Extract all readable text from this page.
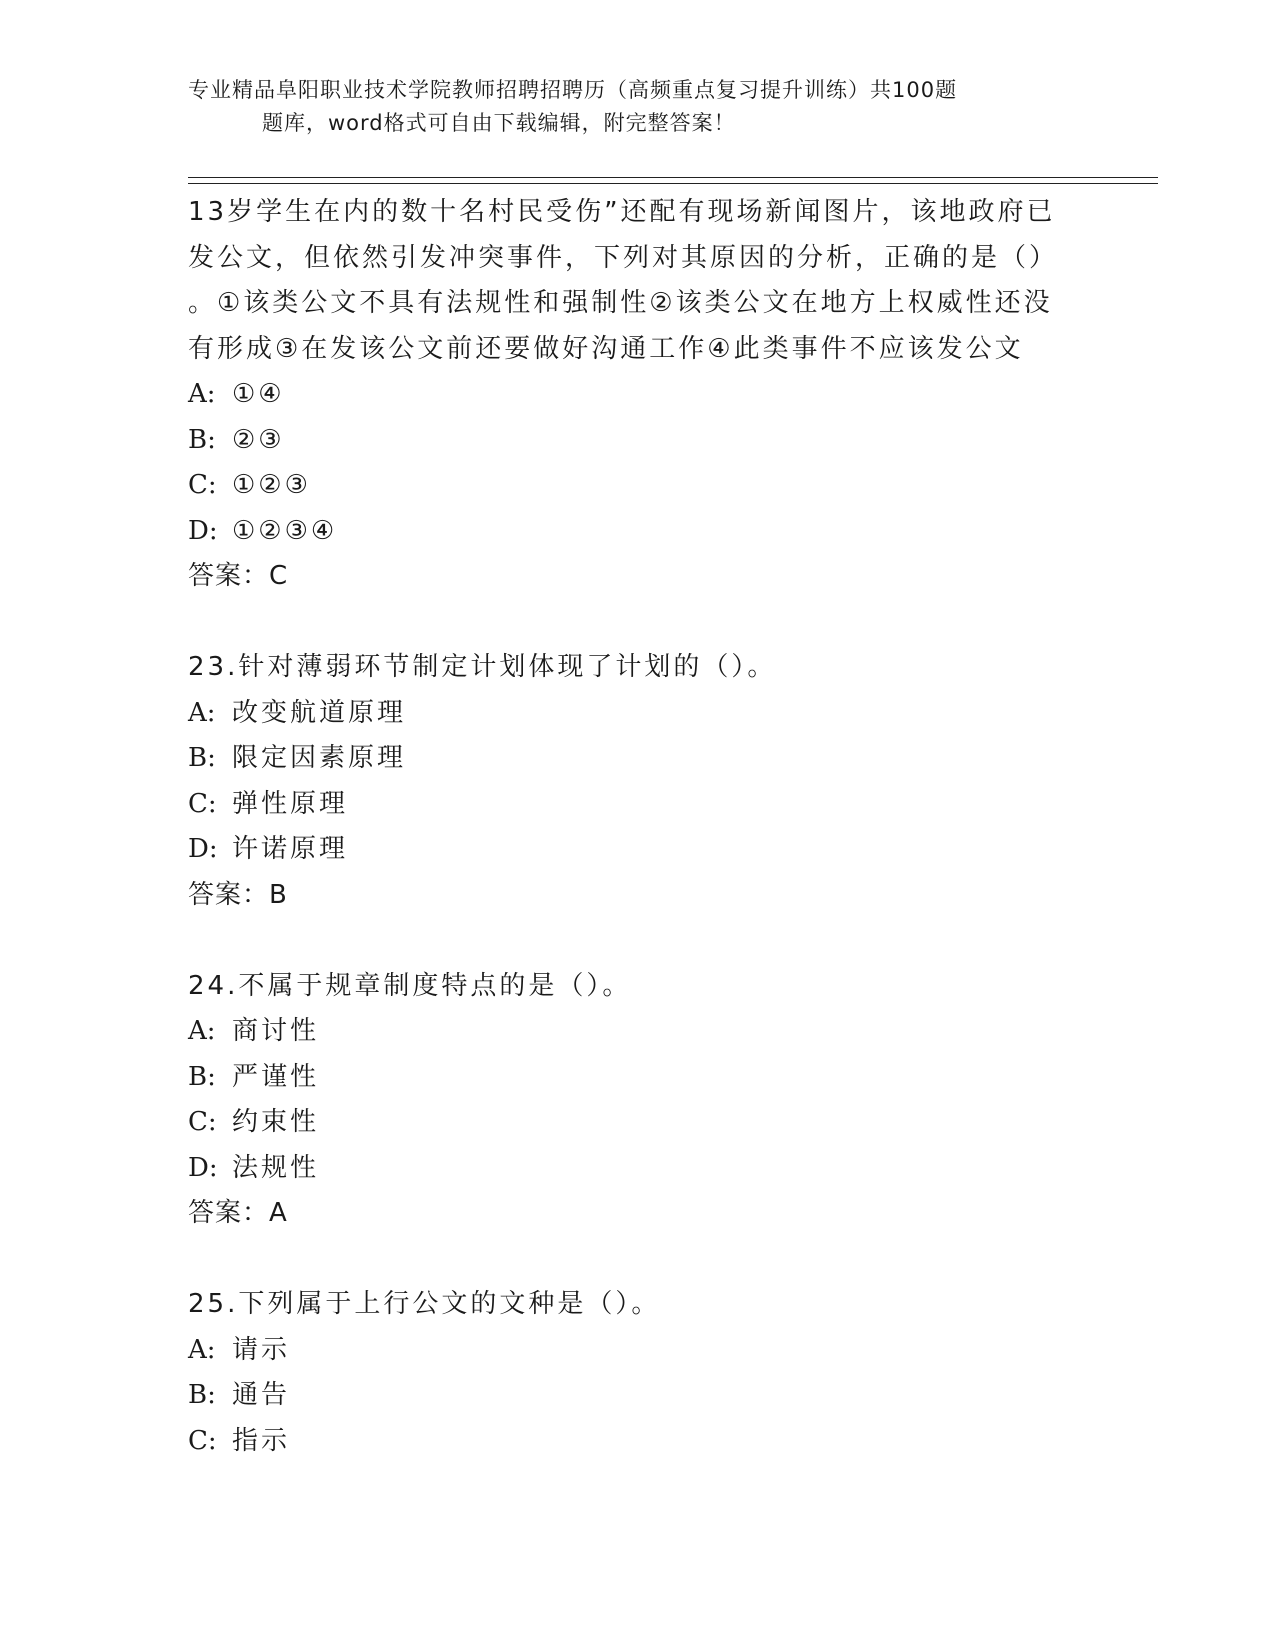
专业精品阜阳职业技术学院教师招聘招聘历（高频重点复习提升训练）共100题
题库，word格式可自由下载编辑，附完整答案！

13岁学生在内的数十名村民受伤”还配有现场新闻图片，该地政府已
发公文，但依然引发冲突事件，下列对其原因的分析，正确的是（）
。①该类公文不具有法规性和强制性②该类公文在地方上权威性还没
有形成③在发该公文前还要做好沟通工作④此类事件不应该发公文

A: ①④

B: ②③

C: ①②③

D: ①②③④

答案：C

23.针对薄弱环节制定计划体现了计划的（）。

A: 改变航道原理

B: 限定因素原理

C: 弹性原理

D: 许诺原理

答案：B

24.不属于规章制度特点的是（）。

A: 商讨性

B: 严谨性

C: 约束性

D: 法规性

答案：A

25.下列属于上行公文的文种是（）。

A: 请示

B: 通告

C: 指示
